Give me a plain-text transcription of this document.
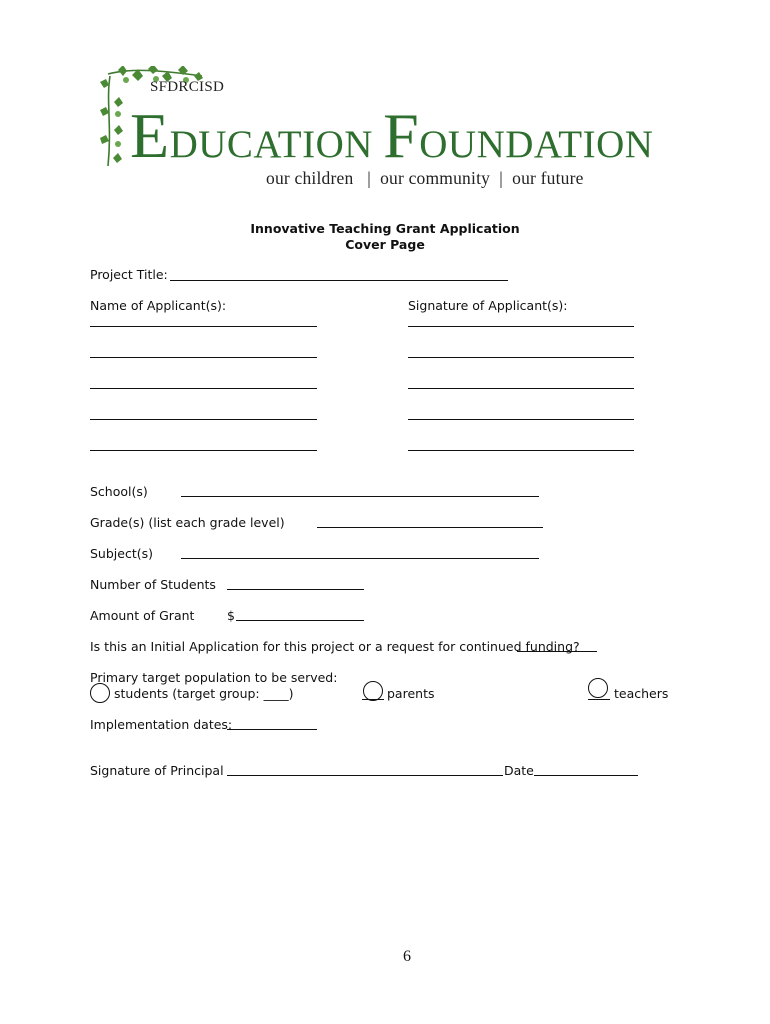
SFDRCISD
EDUCATION FOUNDATION
our children | our community | our future
Innovative Teaching Grant Application
Cover Page
Project Title:
Name of Applicant(s):	Signature of Applicant(s):
School(s)
Grade(s) (list each grade level)
Subject(s)
Number of Students
Amount of Grant	$
Is this an Initial Application for this project or a request for continued funding?
Primary target population to be served:
students (target group: ____)	parents	teachers
Implementation dates:
Signature of Principal	Date
6
